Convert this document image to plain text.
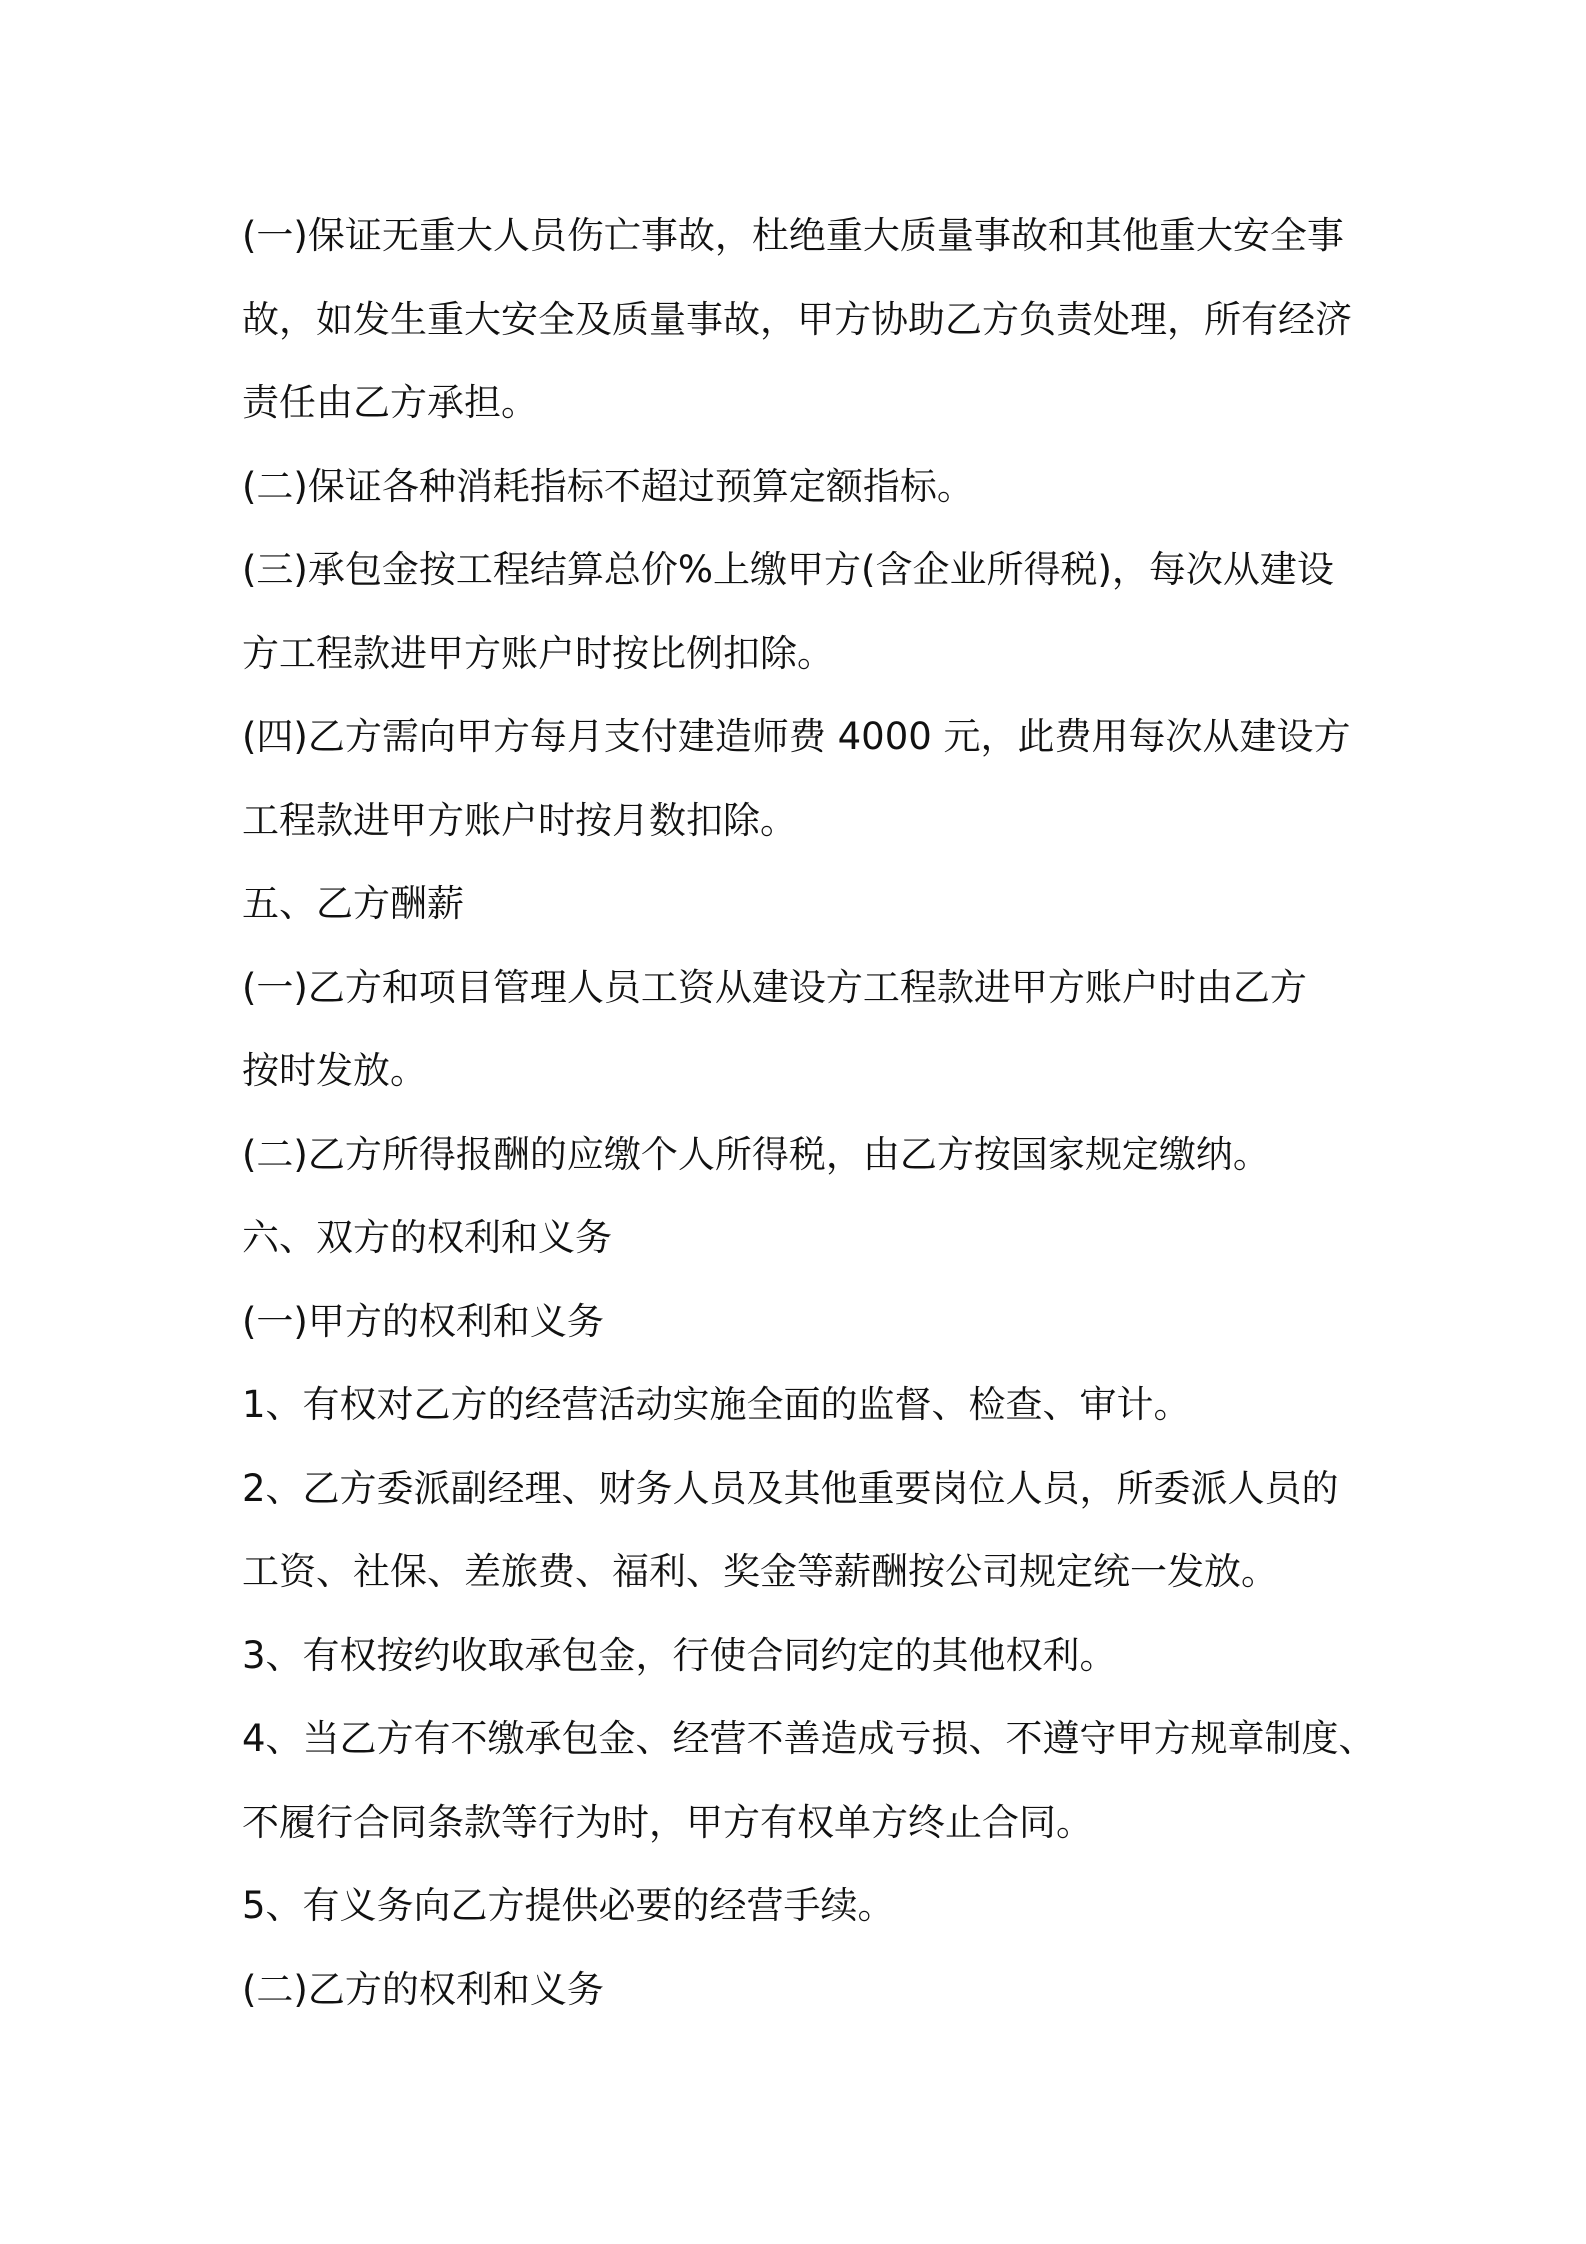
(一)保证无重大人员伤亡事故，杜绝重大质量事故和其他重大安全事
故，如发生重大安全及质量事故，甲方协助乙方负责处理，所有经济
责任由乙方承担。
(二)保证各种消耗指标不超过预算定额指标。
(三)承包金按工程结算总价%上缴甲方(含企业所得税)，每次从建设
方工程款进甲方账户时按比例扣除。
(四)乙方需向甲方每月支付建造师费 4000 元，此费用每次从建设方
工程款进甲方账户时按月数扣除。
五、乙方酬薪
(一)乙方和项目管理人员工资从建设方工程款进甲方账户时由乙方
按时发放。
(二)乙方所得报酬的应缴个人所得税，由乙方按国家规定缴纳。
六、双方的权利和义务
(一)甲方的权利和义务
1、有权对乙方的经营活动实施全面的监督、检查、审计。
2、乙方委派副经理、财务人员及其他重要岗位人员，所委派人员的
工资、社保、差旅费、福利、奖金等薪酬按公司规定统一发放。
3、有权按约收取承包金，行使合同约定的其他权利。
4、当乙方有不缴承包金、经营不善造成亏损、不遵守甲方规章制度、
不履行合同条款等行为时，甲方有权单方终止合同。
5、有义务向乙方提供必要的经营手续。
(二)乙方的权利和义务
